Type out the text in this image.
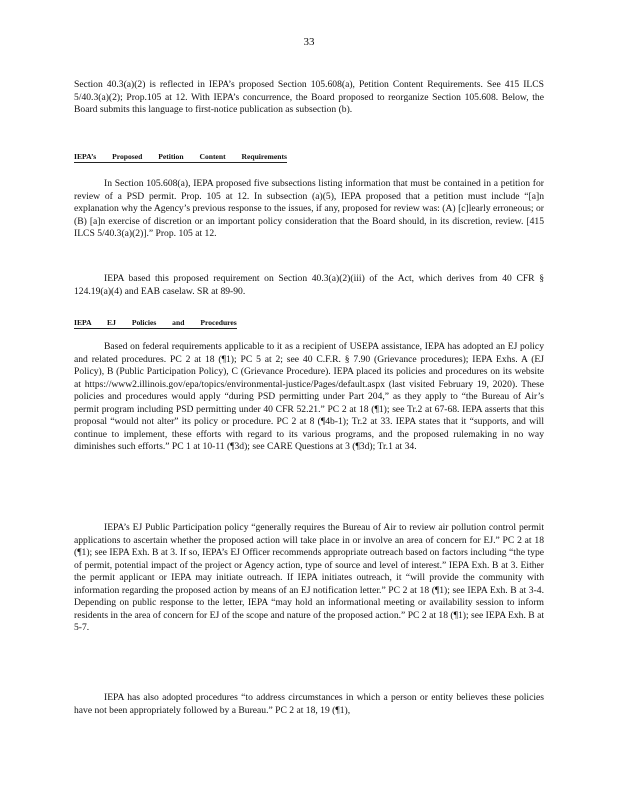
33

Section 40.3(a)(2) is reflected in IEPA’s proposed Section 105.608(a), Petition Content Requirements. See 415 ILCS 5/40.3(a)(2); Prop.105 at 12. With IEPA’s concurrence, the Board proposed to reorganize Section 105.608. Below, the Board submits this language to first-notice publication as subsection (b).

IEPA’s Proposed Petition Content Requirements

In Section 105.608(a), IEPA proposed five subsections listing information that must be contained in a petition for review of a PSD permit. Prop. 105 at 12. In subsection (a)(5), IEPA proposed that a petition must include “[a]n explanation why the Agency’s previous response to the issues, if any, proposed for review was: (A) [c]learly erroneous; or (B) [a]n exercise of discretion or an important policy consideration that the Board should, in its discretion, review. [415 ILCS 5/40.3(a)(2)].” Prop. 105 at 12.

IEPA based this proposed requirement on Section 40.3(a)(2)(iii) of the Act, which derives from 40 CFR § 124.19(a)(4) and EAB caselaw. SR at 89-90.

IEPA EJ Policies and Procedures

Based on federal requirements applicable to it as a recipient of USEPA assistance, IEPA has adopted an EJ policy and related procedures. PC 2 at 18 (¶1); PC 5 at 2; see 40 C.F.R. § 7.90 (Grievance procedures); IEPA Exhs. A (EJ Policy), B (Public Participation Policy), C (Grievance Procedure). IEPA placed its policies and procedures on its website at https://www2.illinois.gov/epa/topics/environmental-justice/Pages/default.aspx (last visited February 19, 2020). These policies and procedures would apply “during PSD permitting under Part 204,” as they apply to “the Bureau of Air’s permit program including PSD permitting under 40 CFR 52.21.” PC 2 at 18 (¶1); see Tr.2 at 67-68. IEPA asserts that this proposal “would not alter” its policy or procedure. PC 2 at 8 (¶4b-1); Tr.2 at 33. IEPA states that it “supports, and will continue to implement, these efforts with regard to its various programs, and the proposed rulemaking in no way diminishes such efforts.” PC 1 at 10-11 (¶3d); see CARE Questions at 3 (¶3d); Tr.1 at 34.

IEPA’s EJ Public Participation policy “generally requires the Bureau of Air to review air pollution control permit applications to ascertain whether the proposed action will take place in or involve an area of concern for EJ.” PC 2 at 18 (¶1); see IEPA Exh. B at 3. If so, IEPA’s EJ Officer recommends appropriate outreach based on factors including “the type of permit, potential impact of the project or Agency action, type of source and level of interest.” IEPA Exh. B at 3. Either the permit applicant or IEPA may initiate outreach. If IEPA initiates outreach, it “will provide the community with information regarding the proposed action by means of an EJ notification letter.” PC 2 at 18 (¶1); see IEPA Exh. B at 3-4. Depending on public response to the letter, IEPA “may hold an informational meeting or availability session to inform residents in the area of concern for EJ of the scope and nature of the proposed action.” PC 2 at 18 (¶1); see IEPA Exh. B at 5-7.

IEPA has also adopted procedures “to address circumstances in which a person or entity believes these policies have not been appropriately followed by a Bureau.” PC 2 at 18, 19 (¶1),
